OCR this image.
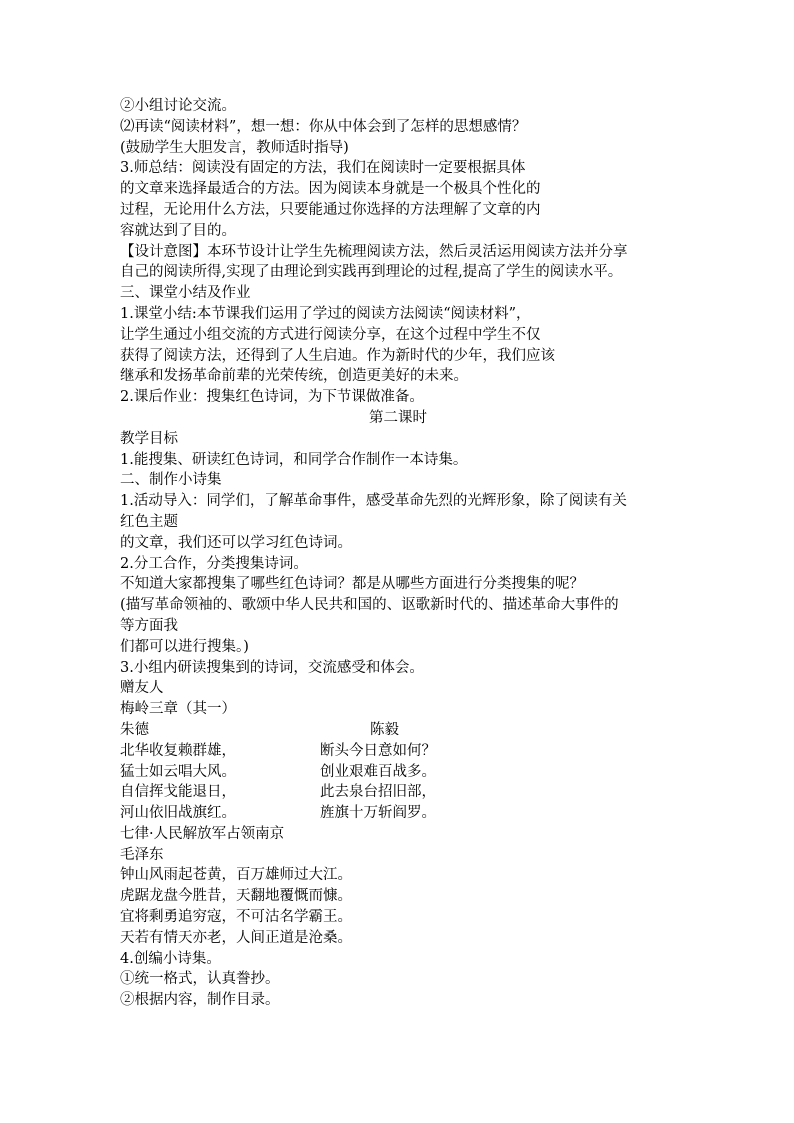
②小组讨论交流。
⑵再读“阅读材料”，想一想：你从中体会到了怎样的思想感情？
(鼓励学生大胆发言，教师适时指导)
3.师总结：阅读没有固定的方法，我们在阅读时一定要根据具体
的文章来选择最适合的方法。因为阅读本身就是一个极具个性化的
过程，无论用什么方法，只要能通过你选择的方法理解了文章的内
容就达到了目的。
【设计意图】本环节设计让学生先梳理阅读方法，然后灵活运用阅读方法并分享
自己的阅读所得,实现了由理论到实践再到理论的过程,提高了学生的阅读水平。
三、课堂小结及作业
1.课堂小结:本节课我们运用了学过的阅读方法阅读“阅读材料”，
让学生通过小组交流的方式进行阅读分享，在这个过程中学生不仅
获得了阅读方法，还得到了人生启迪。作为新时代的少年，我们应该
继承和发扬革命前辈的光荣传统，创造更美好的未来。
2.课后作业：搜集红色诗词，为下节课做准备。
第二课时
教学目标
1.能搜集、研读红色诗词，和同学合作制作一本诗集。
二、制作小诗集
1.活动导入：同学们，了解革命事件，感受革命先烈的光辉形象，除了阅读有关
红色主题
的文章，我们还可以学习红色诗词。
2.分工合作，分类搜集诗词。
不知道大家都搜集了哪些红色诗词？都是从哪些方面进行分类搜集的呢？
(描写革命领袖的、歌颂中华人民共和国的、讴歌新时代的、描述革命大事件的
等方面我
们都可以进行搜集。)
3.小组内研读搜集到的诗词，交流感受和体会。
赠友人
梅岭三章（其一）
朱德	陈毅
北华收复赖群雄，	断头今日意如何？
猛士如云唱大风。	创业艰难百战多。
自信挥戈能退日，	此去泉台招旧部，
河山依旧战旗红。	旌旗十万斩阎罗。
七律·人民解放军占领南京
毛泽东
钟山风雨起苍黄，百万雄师过大江。
虎踞龙盘今胜昔，天翻地覆慨而慷。
宜将剩勇追穷寇，不可沽名学霸王。
天若有情天亦老，人间正道是沧桑。
4.创编小诗集。
①统一格式，认真誊抄。
②根据内容，制作目录。
